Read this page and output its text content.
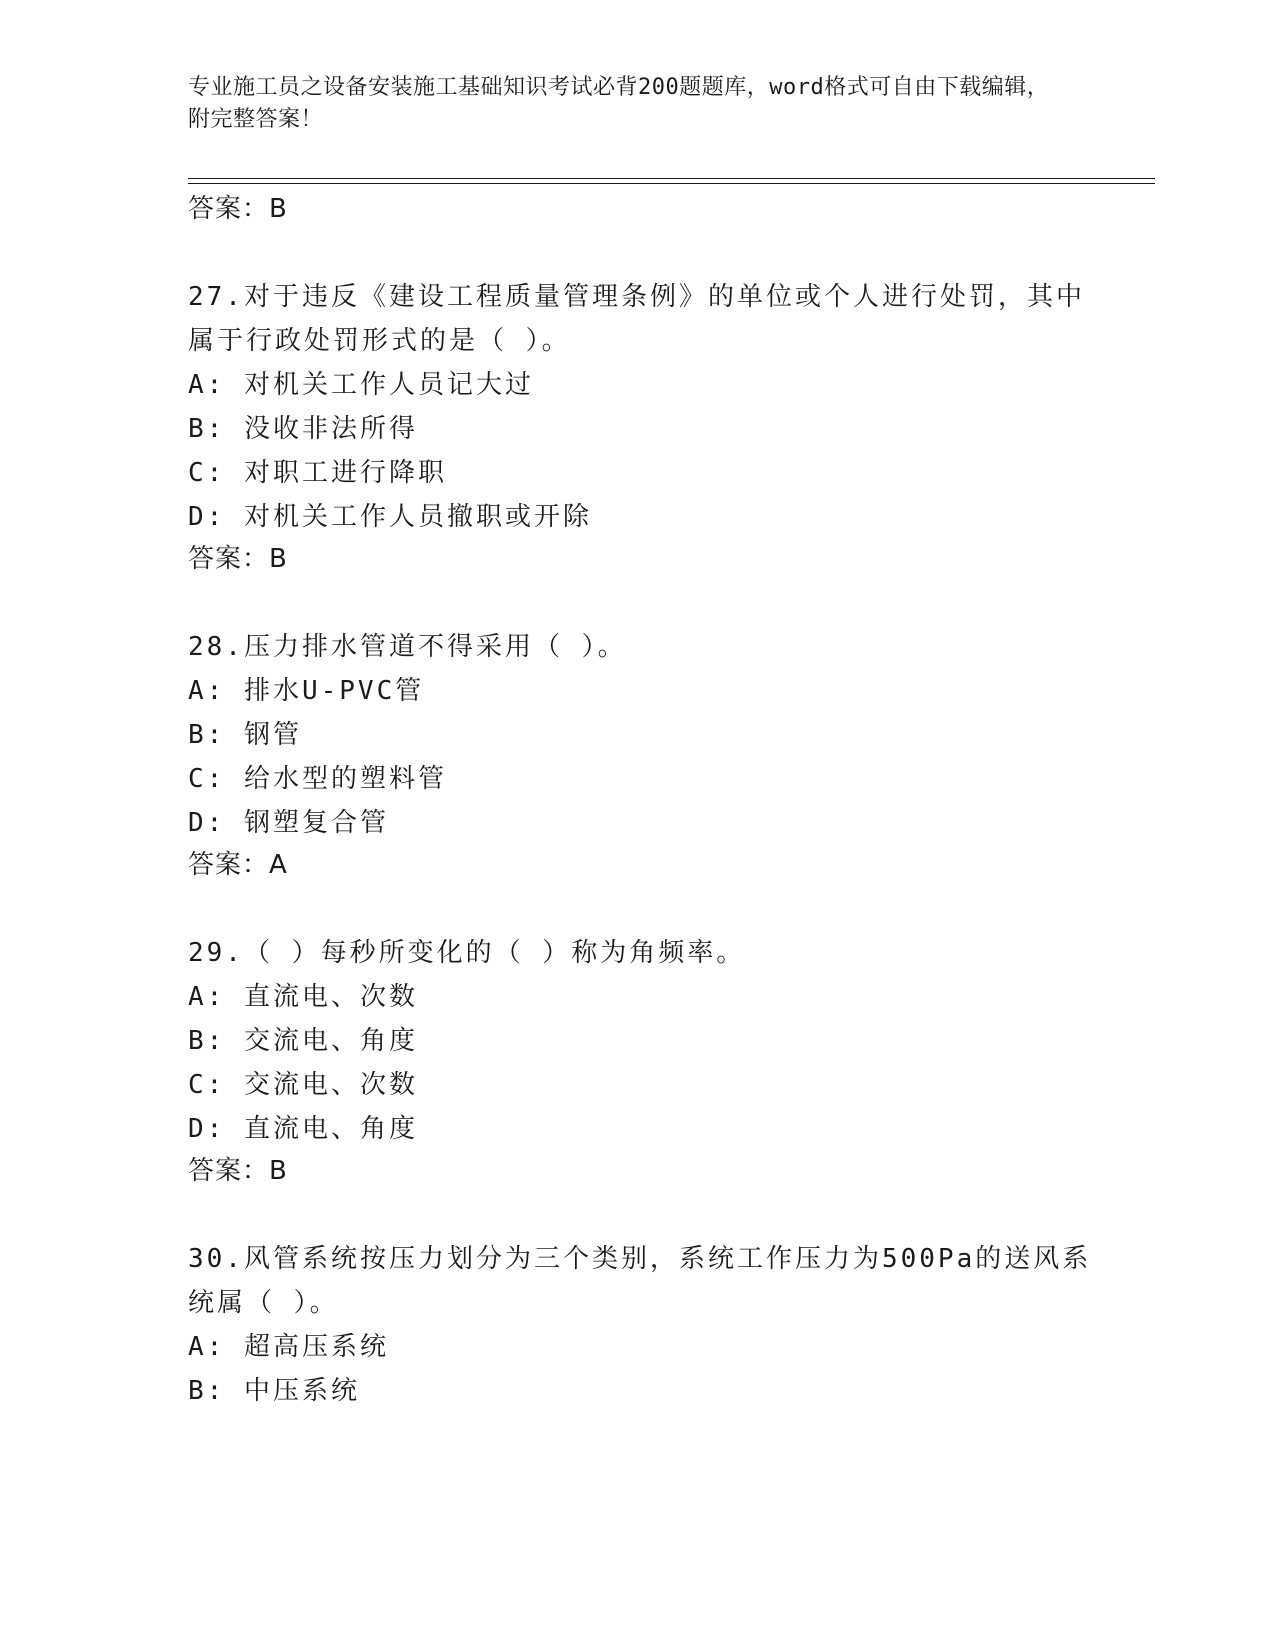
专业施工员之设备安装施工基础知识考试必背200题题库，word格式可自由下载编辑，附完整答案！
答案：B
27.对于违反《建设工程质量管理条例》的单位或个人进行处罚，其中
属于行政处罚形式的是（ ）。
A: 对机关工作人员记大过
B: 没收非法所得
C: 对职工进行降职
D: 对机关工作人员撤职或开除
答案：B
28.压力排水管道不得采用（ ）。
A: 排水U-PVC管
B: 钢管
C: 给水型的塑料管
D: 钢塑复合管
答案：A
29.（ ）每秒所变化的（ ）称为角频率。
A: 直流电、次数
B: 交流电、角度
C: 交流电、次数
D: 直流电、角度
答案：B
30.风管系统按压力划分为三个类别，系统工作压力为500Pa的送风系
统属（ ）。
A: 超高压系统
B: 中压系统
